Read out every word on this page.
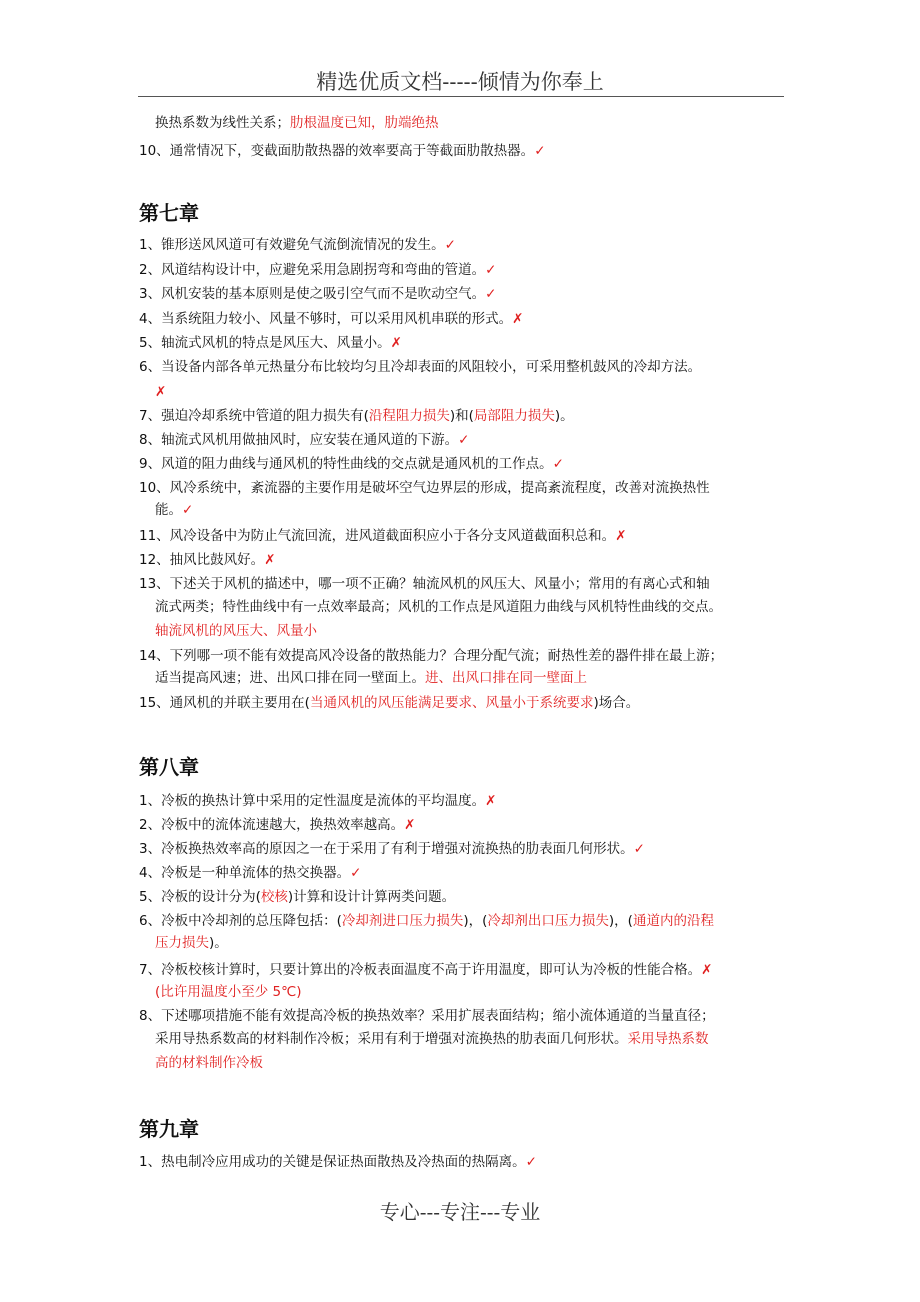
精选优质文档-----倾情为你奉上
换热系数为线性关系；肋根温度已知，肋端绝热
10、通常情况下，变截面肋散热器的效率要高于等截面肋散热器。✓
第七章
1、锥形送风风道可有效避免气流倒流情况的发生。✓
2、风道结构设计中，应避免采用急剧拐弯和弯曲的管道。✓
3、风机安装的基本原则是使之吸引空气而不是吹动空气。✓
4、当系统阻力较小、风量不够时，可以采用风机串联的形式。✗
5、轴流式风机的特点是风压大、风量小。✗
6、当设备内部各单元热量分布比较均匀且冷却表面的风阻较小，可采用整机鼓风的冷却方法。
✗
7、强迫冷却系统中管道的阻力损失有(沿程阻力损失)和(局部阻力损失)。
8、轴流式风机用做抽风时，应安装在通风道的下游。✓
9、风道的阻力曲线与通风机的特性曲线的交点就是通风机的工作点。✓
10、风冷系统中，紊流器的主要作用是破坏空气边界层的形成，提高紊流程度，改善对流换热性
能。✓
11、风冷设备中为防止气流回流，进风道截面积应小于各分支风道截面积总和。✗
12、抽风比鼓风好。✗
13、下述关于风机的描述中，哪一项不正确？轴流风机的风压大、风量小；常用的有离心式和轴
流式两类；特性曲线中有一点效率最高；风机的工作点是风道阻力曲线与风机特性曲线的交点。
轴流风机的风压大、风量小
14、下列哪一项不能有效提高风冷设备的散热能力？合理分配气流；耐热性差的器件排在最上游；
适当提高风速；进、出风口排在同一壁面上。进、出风口排在同一壁面上
15、通风机的并联主要用在(当通风机的风压能满足要求、风量小于系统要求)场合。
第八章
1、冷板的换热计算中采用的定性温度是流体的平均温度。✗
2、冷板中的流体流速越大，换热效率越高。✗
3、冷板换热效率高的原因之一在于采用了有利于增强对流换热的肋表面几何形状。✓
4、冷板是一种单流体的热交换器。✓
5、冷板的设计分为(校核)计算和设计计算两类问题。
6、冷板中冷却剂的总压降包括：(冷却剂进口压力损失)，(冷却剂出口压力损失)，(通道内的沿程
压力损失)。
7、冷板校核计算时，只要计算出的冷板表面温度不高于许用温度，即可认为冷板的性能合格。✗
(比许用温度小至少 5℃)
8、下述哪项措施不能有效提高冷板的换热效率？采用扩展表面结构；缩小流体通道的当量直径；
采用导热系数高的材料制作冷板；采用有利于增强对流换热的肋表面几何形状。采用导热系数
高的材料制作冷板
第九章
1、热电制冷应用成功的关键是保证热面散热及冷热面的热隔离。✓
专心---专注---专业
